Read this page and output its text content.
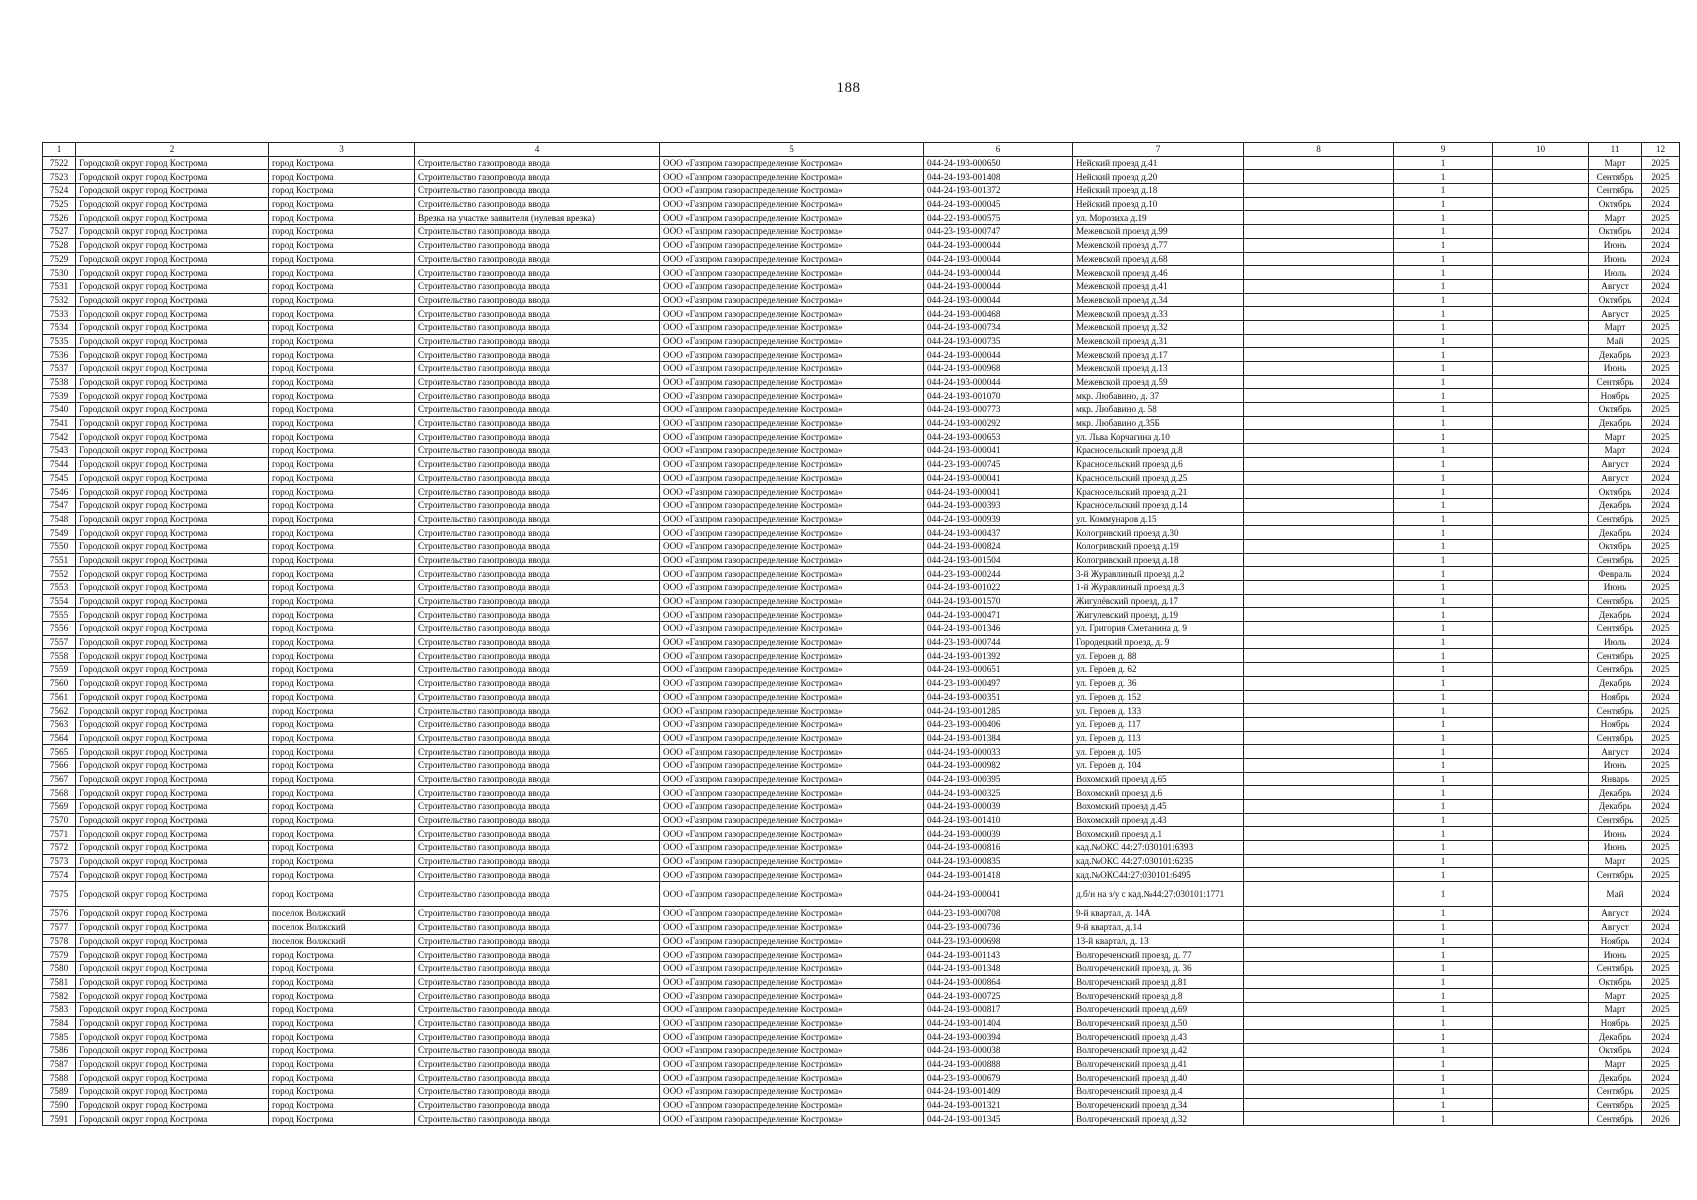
188
1	2	3	4	5	6	7	8	9	10	11	12
7522	Городской округ город Кострома	город Кострома	Строительство газопровода ввода	ООО «Газпром газораспределение Кострома»	044-24-193-000650	Нейский проезд д.41		1		Март	2025
7523	Городской округ город Кострома	город Кострома	Строительство газопровода ввода	ООО «Газпром газораспределение Кострома»	044-24-193-001408	Нейский проезд д.20		1		Сентябрь	2025
7524	Городской округ город Кострома	город Кострома	Строительство газопровода ввода	ООО «Газпром газораспределение Кострома»	044-24-193-001372	Нейский проезд д.18		1		Сентябрь	2025
7525	Городской округ город Кострома	город Кострома	Строительство газопровода ввода	ООО «Газпром газораспределение Кострома»	044-24-193-000045	Нейский проезд д.10		1		Октябрь	2024
7526	Городской округ город Кострома	город Кострома	Врезка на участке заявителя (нулевая врезка)	ООО «Газпром газораспределение Кострома»	044-22-193-000575	ул. Морозиха д.19		1		Март	2025
7527	Городской округ город Кострома	город Кострома	Строительство газопровода ввода	ООО «Газпром газораспределение Кострома»	044-23-193-000747	Межевской проезд д.99		1		Октябрь	2024
7528	Городской округ город Кострома	город Кострома	Строительство газопровода ввода	ООО «Газпром газораспределение Кострома»	044-24-193-000044	Межевской проезд д.77		1		Июнь	2024
7529	Городской округ город Кострома	город Кострома	Строительство газопровода ввода	ООО «Газпром газораспределение Кострома»	044-24-193-000044	Межевской проезд д.68		1		Июнь	2024
7530	Городской округ город Кострома	город Кострома	Строительство газопровода ввода	ООО «Газпром газораспределение Кострома»	044-24-193-000044	Межевской проезд д.46		1		Июль	2024
7531	Городской округ город Кострома	город Кострома	Строительство газопровода ввода	ООО «Газпром газораспределение Кострома»	044-24-193-000044	Межевской проезд д.41		1		Август	2024
7532	Городской округ город Кострома	город Кострома	Строительство газопровода ввода	ООО «Газпром газораспределение Кострома»	044-24-193-000044	Межевской проезд д.34		1		Октябрь	2024
7533	Городской округ город Кострома	город Кострома	Строительство газопровода ввода	ООО «Газпром газораспределение Кострома»	044-24-193-000468	Межевской проезд д.33		1		Август	2025
7534	Городской округ город Кострома	город Кострома	Строительство газопровода ввода	ООО «Газпром газораспределение Кострома»	044-24-193-000734	Межевской проезд д.32		1		Март	2025
7535	Городской округ город Кострома	город Кострома	Строительство газопровода ввода	ООО «Газпром газораспределение Кострома»	044-24-193-000735	Межевской проезд д.31		1		Май	2025
7536	Городской округ город Кострома	город Кострома	Строительство газопровода ввода	ООО «Газпром газораспределение Кострома»	044-24-193-000044	Межевской проезд д.17		1		Декабрь	2023
7537	Городской округ город Кострома	город Кострома	Строительство газопровода ввода	ООО «Газпром газораспределение Кострома»	044-24-193-000968	Межевской проезд д.13		1		Июнь	2025
7538	Городской округ город Кострома	город Кострома	Строительство газопровода ввода	ООО «Газпром газораспределение Кострома»	044-24-193-000044	Межевской проезд д.59		1		Сентябрь	2024
7539	Городской округ город Кострома	город Кострома	Строительство газопровода ввода	ООО «Газпром газораспределение Кострома»	044-24-193-001070	мкр. Любавино, д. 37		1		Ноябрь	2025
7540	Городской округ город Кострома	город Кострома	Строительство газопровода ввода	ООО «Газпром газораспределение Кострома»	044-24-193-000773	мкр. Любавино д. 58		1		Октябрь	2025
7541	Городской округ город Кострома	город Кострома	Строительство газопровода ввода	ООО «Газпром газораспределение Кострома»	044-24-193-000292	мкр. Любавино д.35Б		1		Декабрь	2024
7542	Городской округ город Кострома	город Кострома	Строительство газопровода ввода	ООО «Газпром газораспределение Кострома»	044-24-193-000653	ул. Льва Корчагина д.10		1		Март	2025
7543	Городской округ город Кострома	город Кострома	Строительство газопровода ввода	ООО «Газпром газораспределение Кострома»	044-24-193-000041	Красносельский проезд д.8		1		Март	2024
7544	Городской округ город Кострома	город Кострома	Строительство газопровода ввода	ООО «Газпром газораспределение Кострома»	044-23-193-000745	Красносельский проезд д.6		1		Август	2024
7545	Городской округ город Кострома	город Кострома	Строительство газопровода ввода	ООО «Газпром газораспределение Кострома»	044-24-193-000041	Красносельский проезд д.25		1		Август	2024
7546	Городской округ город Кострома	город Кострома	Строительство газопровода ввода	ООО «Газпром газораспределение Кострома»	044-24-193-000041	Красносельский проезд д.21		1		Октябрь	2024
7547	Городской округ город Кострома	город Кострома	Строительство газопровода ввода	ООО «Газпром газораспределение Кострома»	044-24-193-000393	Красносельский проезд д.14		1		Декабрь	2024
7548	Городской округ город Кострома	город Кострома	Строительство газопровода ввода	ООО «Газпром газораспределение Кострома»	044-24-193-000939	ул. Коммунаров д.15		1		Сентябрь	2025
7549	Городской округ город Кострома	город Кострома	Строительство газопровода ввода	ООО «Газпром газораспределение Кострома»	044-24-193-000437	Кологривский проезд д.30		1		Декабрь	2024
7550	Городской округ город Кострома	город Кострома	Строительство газопровода ввода	ООО «Газпром газораспределение Кострома»	044-24-193-000824	Кологривский проезд д.19		1		Октябрь	2025
7551	Городской округ город Кострома	город Кострома	Строительство газопровода ввода	ООО «Газпром газораспределение Кострома»	044-24-193-001504	Кологривский проезд д.18		1		Сентябрь	2025
7552	Городской округ город Кострома	город Кострома	Строительство газопровода ввода	ООО «Газпром газораспределение Кострома»	044-23-193-000244	3-й Журавлиный проезд д.2		1		Февраль	2024
7553	Городской округ город Кострома	город Кострома	Строительство газопровода ввода	ООО «Газпром газораспределение Кострома»	044-24-193-001022	1-й Журавлиный проезд д.3		1		Июнь	2025
7554	Городской округ город Кострома	город Кострома	Строительство газопровода ввода	ООО «Газпром газораспределение Кострома»	044-24-193-001570	Жигулёвский проезд, д.17		1		Сентябрь	2025
7555	Городской округ город Кострома	город Кострома	Строительство газопровода ввода	ООО «Газпром газораспределение Кострома»	044-24-193-000471	Жигулевский проезд, д.19		1		Декабрь	2024
7556	Городской округ город Кострома	город Кострома	Строительство газопровода ввода	ООО «Газпром газораспределение Кострома»	044-24-193-001346	ул. Григория Сметанина д. 9		1		Сентябрь	2025
7557	Городской округ город Кострома	город Кострома	Строительство газопровода ввода	ООО «Газпром газораспределение Кострома»	044-23-193-000744	Городецкий проезд, д. 9		1		Июль	2024
7558	Городской округ город Кострома	город Кострома	Строительство газопровода ввода	ООО «Газпром газораспределение Кострома»	044-24-193-001392	ул. Героев д. 88		1		Сентябрь	2025
7559	Городской округ город Кострома	город Кострома	Строительство газопровода ввода	ООО «Газпром газораспределение Кострома»	044-24-193-000651	ул. Героев д. 62		1		Сентябрь	2025
7560	Городской округ город Кострома	город Кострома	Строительство газопровода ввода	ООО «Газпром газораспределение Кострома»	044-23-193-000497	ул. Героев д. 36		1		Декабрь	2024
7561	Городской округ город Кострома	город Кострома	Строительство газопровода ввода	ООО «Газпром газораспределение Кострома»	044-24-193-000351	ул. Героев д. 152		1		Ноябрь	2024
7562	Городской округ город Кострома	город Кострома	Строительство газопровода ввода	ООО «Газпром газораспределение Кострома»	044-24-193-001285	ул. Героев д. 133		1		Сентябрь	2025
7563	Городской округ город Кострома	город Кострома	Строительство газопровода ввода	ООО «Газпром газораспределение Кострома»	044-23-193-000406	ул. Героев д. 117		1		Ноябрь	2024
7564	Городской округ город Кострома	город Кострома	Строительство газопровода ввода	ООО «Газпром газораспределение Кострома»	044-24-193-001384	ул. Героев д. 113		1		Сентябрь	2025
7565	Городской округ город Кострома	город Кострома	Строительство газопровода ввода	ООО «Газпром газораспределение Кострома»	044-24-193-000033	ул. Героев д. 105		1		Август	2024
7566	Городской округ город Кострома	город Кострома	Строительство газопровода ввода	ООО «Газпром газораспределение Кострома»	044-24-193-000982	ул. Героев д. 104		1		Июнь	2025
7567	Городской округ город Кострома	город Кострома	Строительство газопровода ввода	ООО «Газпром газораспределение Кострома»	044-24-193-000395	Вохомский проезд д.65		1		Январь	2025
7568	Городской округ город Кострома	город Кострома	Строительство газопровода ввода	ООО «Газпром газораспределение Кострома»	044-24-193-000325	Вохомский проезд д.6		1		Декабрь	2024
7569	Городской округ город Кострома	город Кострома	Строительство газопровода ввода	ООО «Газпром газораспределение Кострома»	044-24-193-000039	Вохомский проезд д.45		1		Декабрь	2024
7570	Городской округ город Кострома	город Кострома	Строительство газопровода ввода	ООО «Газпром газораспределение Кострома»	044-24-193-001410	Вохомский проезд д.43		1		Сентябрь	2025
7571	Городской округ город Кострома	город Кострома	Строительство газопровода ввода	ООО «Газпром газораспределение Кострома»	044-24-193-000039	Вохомский проезд д.1		1		Июнь	2024
7572	Городской округ город Кострома	город Кострома	Строительство газопровода ввода	ООО «Газпром газораспределение Кострома»	044-24-193-000816	кад.№ОКС 44:27:030101:6393		1		Июнь	2025
7573	Городской округ город Кострома	город Кострома	Строительство газопровода ввода	ООО «Газпром газораспределение Кострома»	044-24-193-000835	кад.№ОКС 44:27:030101:6235		1		Март	2025
7574	Городской округ город Кострома	город Кострома	Строительство газопровода ввода	ООО «Газпром газораспределение Кострома»	044-24-193-001418	кад.№ОКС44:27:030101:6495		1		Сентябрь	2025
7575	Городской округ город Кострома	город Кострома	Строительство газопровода ввода	ООО «Газпром газораспределение Кострома»	044-24-193-000041	д.б/н на з/у с кад.№44:27:030101:1771		1		Май	2024
7576	Городской округ город Кострома	поселок Волжский	Строительство газопровода ввода	ООО «Газпром газораспределение Кострома»	044-23-193-000708	9-й квартал, д. 14А		1		Август	2024
7577	Городской округ город Кострома	поселок Волжский	Строительство газопровода ввода	ООО «Газпром газораспределение Кострома»	044-23-193-000736	9-й квартал, д.14		1		Август	2024
7578	Городской округ город Кострома	поселок Волжский	Строительство газопровода ввода	ООО «Газпром газораспределение Кострома»	044-23-193-000698	13-й квартал, д. 13		1		Ноябрь	2024
7579	Городской округ город Кострома	город Кострома	Строительство газопровода ввода	ООО «Газпром газораспределение Кострома»	044-24-193-001143	Волгореченский проезд, д. 77		1		Июнь	2025
7580	Городской округ город Кострома	город Кострома	Строительство газопровода ввода	ООО «Газпром газораспределение Кострома»	044-24-193-001348	Волгореченский проезд, д. 36		1		Сентябрь	2025
7581	Городской округ город Кострома	город Кострома	Строительство газопровода ввода	ООО «Газпром газораспределение Кострома»	044-24-193-000864	Волгореченский проезд д.81		1		Октябрь	2025
7582	Городской округ город Кострома	город Кострома	Строительство газопровода ввода	ООО «Газпром газораспределение Кострома»	044-24-193-000725	Волгореченский проезд д.8		1		Март	2025
7583	Городской округ город Кострома	город Кострома	Строительство газопровода ввода	ООО «Газпром газораспределение Кострома»	044-24-193-000817	Волгореченский проезд д.69		1		Март	2025
7584	Городской округ город Кострома	город Кострома	Строительство газопровода ввода	ООО «Газпром газораспределение Кострома»	044-24-193-001404	Волгореченский проезд д.50		1		Ноябрь	2025
7585	Городской округ город Кострома	город Кострома	Строительство газопровода ввода	ООО «Газпром газораспределение Кострома»	044-24-193-000394	Волгореченский проезд д.43		1		Декабрь	2024
7586	Городской округ город Кострома	город Кострома	Строительство газопровода ввода	ООО «Газпром газораспределение Кострома»	044-24-193-000038	Волгореченский проезд д.42		1		Октябрь	2024
7587	Городской округ город Кострома	город Кострома	Строительство газопровода ввода	ООО «Газпром газораспределение Кострома»	044-24-193-000888	Волгореченский проезд д.41		1		Март	2025
7588	Городской округ город Кострома	город Кострома	Строительство газопровода ввода	ООО «Газпром газораспределение Кострома»	044-23-193-000679	Волгореченский проезд д.40		1		Декабрь	2024
7589	Городской округ город Кострома	город Кострома	Строительство газопровода ввода	ООО «Газпром газораспределение Кострома»	044-24-193-001409	Волгореченский проезд д.4		1		Сентябрь	2025
7590	Городской округ город Кострома	город Кострома	Строительство газопровода ввода	ООО «Газпром газораспределение Кострома»	044-24-193-001321	Волгореченский проезд д.34		1		Сентябрь	2025
7591	Городской округ город Кострома	город Кострома	Строительство газопровода ввода	ООО «Газпром газораспределение Кострома»	044-24-193-001345	Волгореченский проезд д.32		1		Сентябрь	2026
